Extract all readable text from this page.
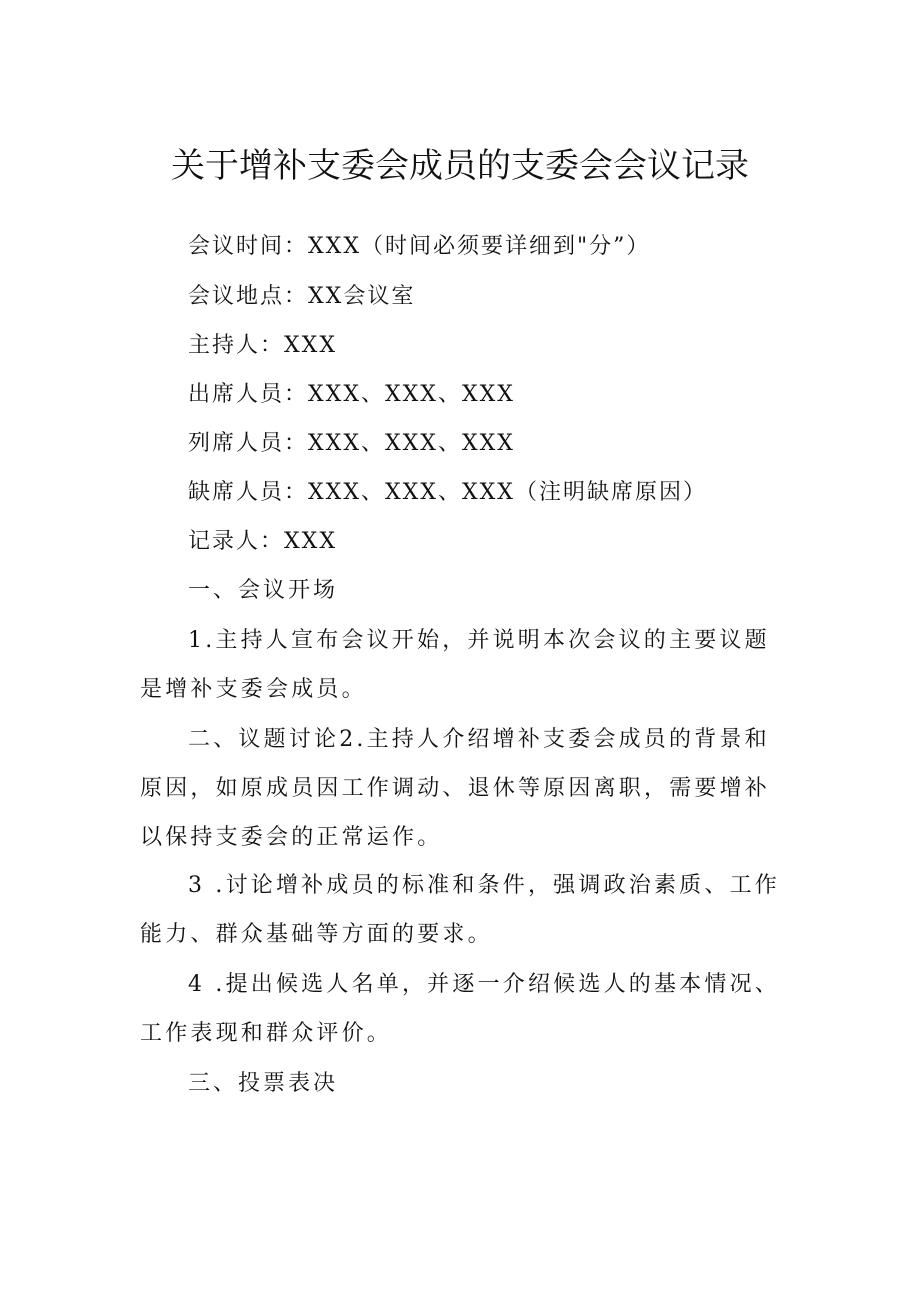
关于增补支委会成员的支委会会议记录
会议时间：XXX（时间必须要详细到"分”）
会议地点：XX会议室
主持人：XXX
出席人员：XXX、XXX、XXX
列席人员：XXX、XXX、XXX
缺席人员：XXX、XXX、XXX（注明缺席原因）
记录人：XXX

一、会议开场

1.主持人宣布会议开始，并说明本次会议的主要议题是增补支委会成员。

二、议题讨论2.主持人介绍增补支委会成员的背景和原因，如原成员因工作调动、退休等原因离职，需要增补以保持支委会的正常运作。

3 .讨论增补成员的标准和条件，强调政治素质、工作能力、群众基础等方面的要求。

4 .提出候选人名单，并逐一介绍候选人的基本情况、工作表现和群众评价。

三、投票表决
